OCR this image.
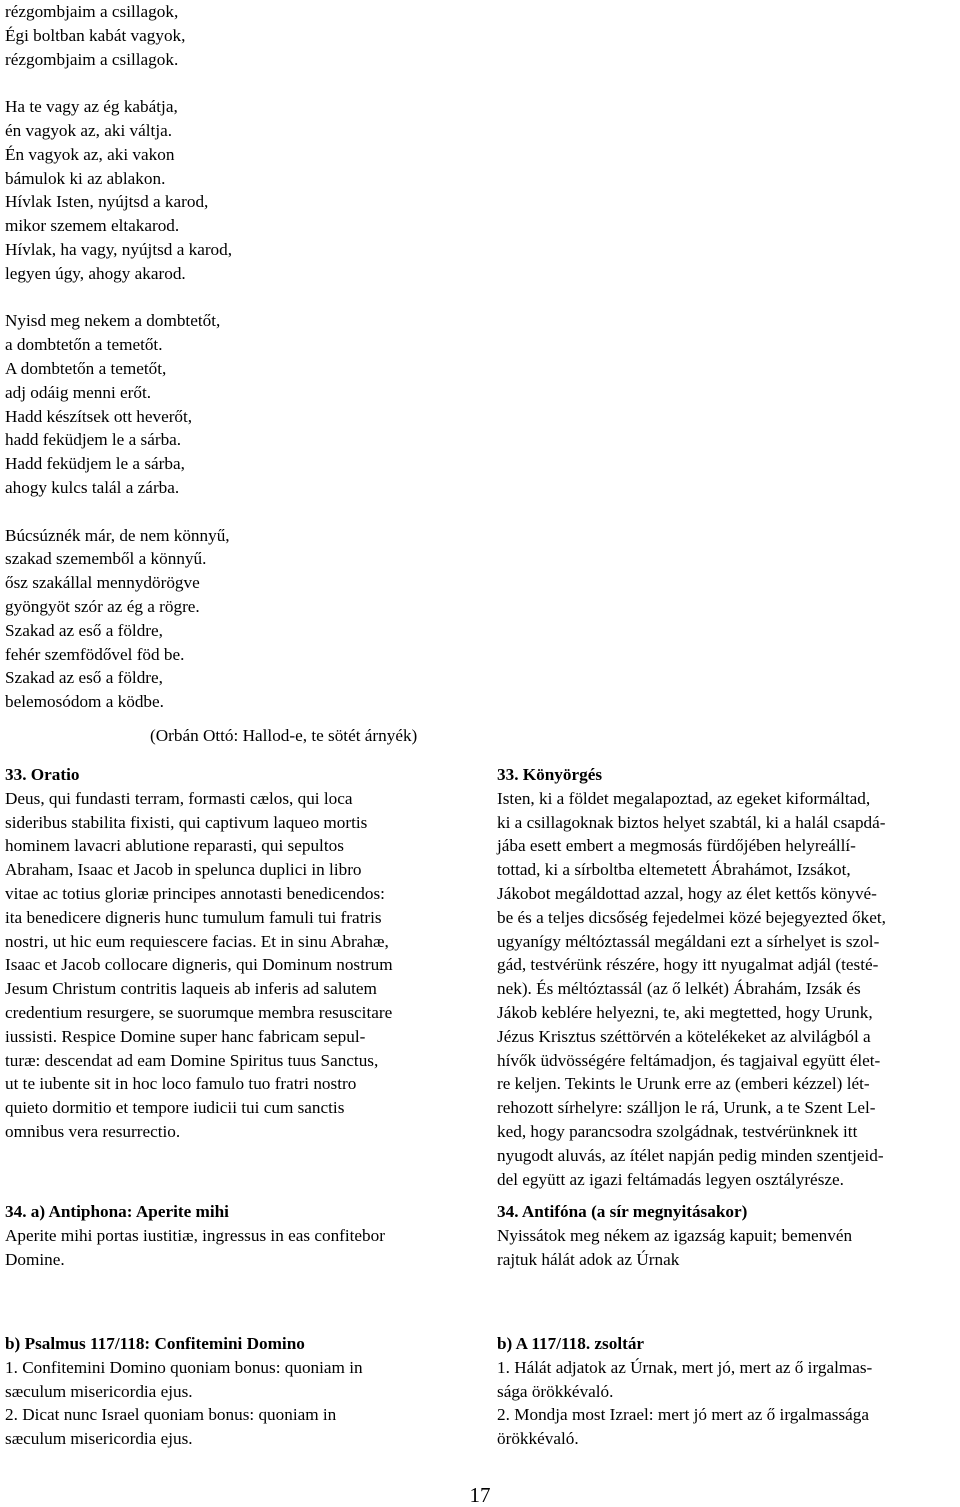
rézgombjaim a csillagok,
Égi boltban kabát vagyok,
rézgombjaim a csillagok.
Ha te vagy az ég kabátja,
én vagyok az, aki váltja.
Én vagyok az, aki vakon
bámulok ki az ablakon.
Hívlak Isten, nyújtsd a karod,
mikor szemem eltakarod.
Hívlak, ha vagy, nyújtsd a karod,
legyen úgy, ahogy akarod.
Nyisd meg nekem a dombtetőt,
a dombtetőn a temetőt.
A dombtetőn a temetőt,
adj odáig menni erőt.
Hadd készítsek ott heverőt,
hadd feküdjem le a sárba.
Hadd feküdjem le a sárba,
ahogy kulcs talál a zárba.
Búcsúznék már, de nem könnyű,
szakad szememből a könnyű.
ősz szakállal mennydörögve
gyöngyöt szór az ég a rögre.
Szakad az eső a földre,
fehér szemfödővel föd be.
Szakad az eső a földre,
belemosódom a ködbe.
(Orbán Ottó: Hallod-e, te sötét árnyék)
33. Oratio
Deus, qui fundasti terram, formasti cælos, qui loca
sideribus stabilita fixisti, qui captivum laqueo mortis
hominem lavacri ablutione reparasti, qui sepultos
Abraham, Isaac et Jacob in spelunca duplici in libro
vitae ac totius gloriæ principes annotasti benedicendos:
ita benedicere digneris hunc tumulum famuli tui fratris
nostri, ut hic eum requiescere facias. Et in sinu Abrahæ,
Isaac et Jacob collocare digneris, qui Dominum nostrum
Jesum Christum contritis laqueis ab inferis ad salutem
credentium resurgere, se suorumque membra resuscitare
iussisti. Respice Domine super hanc fabricam sepul-
turæ: descendat ad eam Domine Spiritus tuus Sanctus,
ut te iubente sit in hoc loco famulo tuo fratri nostro
quieto dormitio et tempore iudicii tui cum sanctis
omnibus vera resurrectio.
33. Könyörgés
Isten, ki a földet megalapoztad, az egeket kiformáltad,
ki a csillagoknak biztos helyet szabtál, ki a halál csapdá-
jába esett embert a megmosás fürdőjében helyreállí-
tottad, ki a sírboltba eltemetett Ábrahámot, Izsákot,
Jákobot megáldottad azzal, hogy az élet kettős könyvé-
be és a teljes dicsőség fejedelmei közé bejegyezted őket,
ugyanígy méltóztassál megáldani ezt a sírhelyet is szol-
gád, testvérünk részére, hogy itt nyugalmat adjál (testé-
nek). És méltóztassál (az ő lelkét) Ábrahám, Izsák és
Jákob keblére helyezni, te, aki megtetted, hogy Urunk,
Jézus Krisztus széttörvén a kötelékeket az alvilágból a
hívők üdvösségére feltámadjon, és tagjaival együtt élet-
re keljen. Tekints le Urunk erre az (emberi kézzel) lét-
rehozott sírhelyre: szálljon le rá, Urunk, a te Szent Lel-
ked, hogy parancsodra szolgádnak, testvérünknek itt
nyugodt aluvás, az ítélet napján pedig minden szentjeid-
del együtt az igazi feltámadás legyen osztályrésze.
34. a) Antiphona: Aperite mihi
Aperite mihi portas iustitiæ, ingressus in eas confitebor
Domine.
34. Antifóna (a sír megnyitásakor)
Nyissátok meg nékem az igazság kapuit; bemenvén
rajtuk hálát adok az Úrnak
b) Psalmus 117/118: Confitemini Domino
1. Confitemini Domino quoniam bonus: quoniam in
sæculum misericordia ejus.
2. Dicat nunc Israel quoniam bonus: quoniam in
sæculum misericordia ejus.
b) A 117/118. zsoltár
1. Hálát adjatok az Úrnak, mert jó, mert az ő irgalmas-
sága örökkévaló.
2. Mondja most Izrael: mert jó mert az ő irgalmassága
örökkévaló.
17
